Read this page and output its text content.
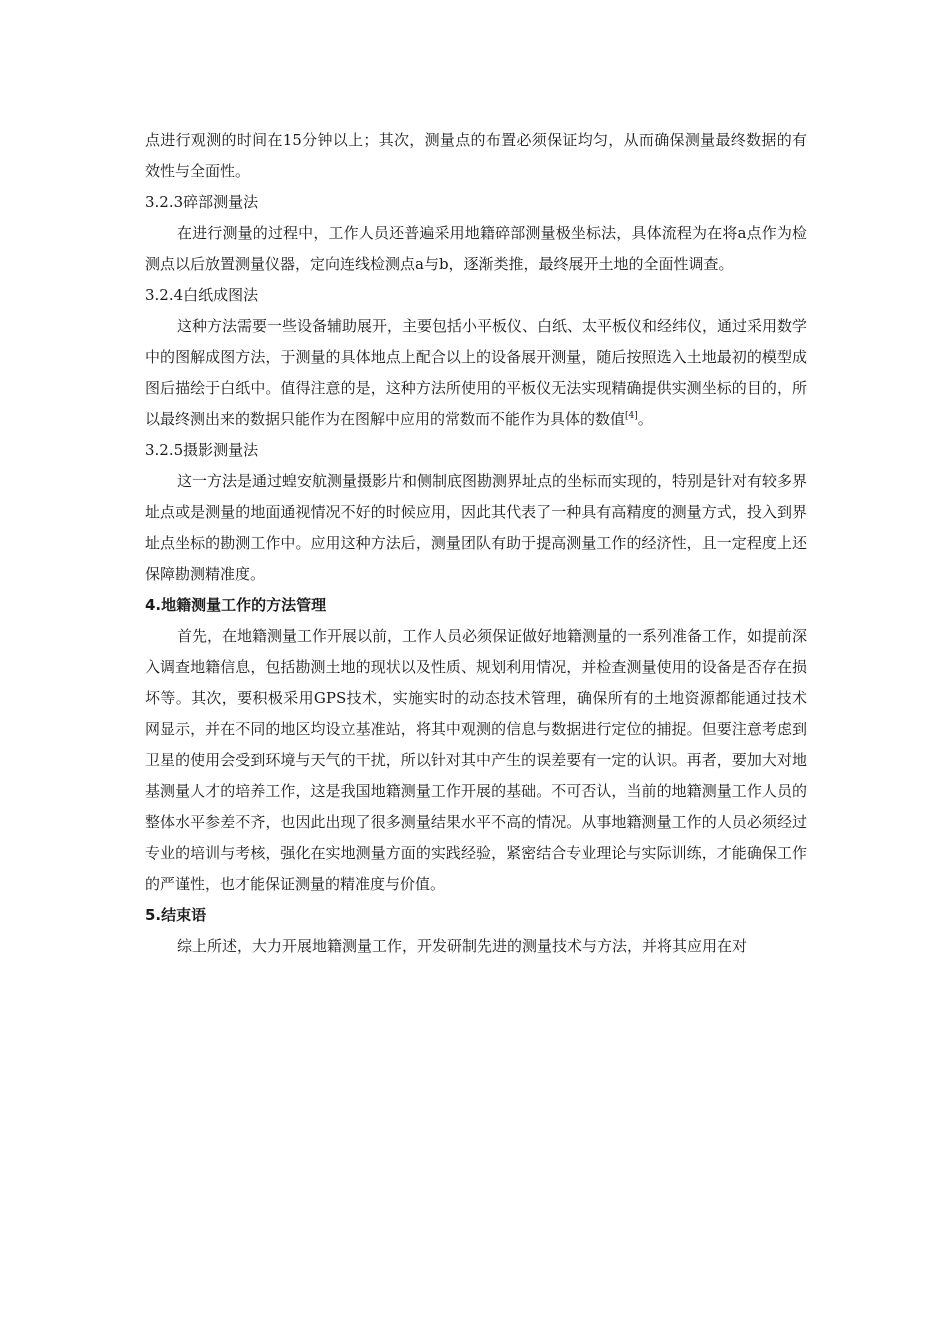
点进行观测的时间在15分钟以上；其次，测量点的布置必须保证均匀，从而确保测量最终数据的有效性与全面性。

3.2.3碎部测量法

在进行测量的过程中，工作人员还普遍采用地籍碎部测量极坐标法，具体流程为在将a点作为检测点以后放置测量仪器，定向连线检测点a与b，逐渐类推，最终展开土地的全面性调查。

3.2.4白纸成图法

这种方法需要一些设备辅助展开，主要包括小平板仪、白纸、太平板仪和经纬仪，通过采用数学中的图解成图方法，于测量的具体地点上配合以上的设备展开测量，随后按照选入土地最初的模型成图后描绘于白纸中。值得注意的是，这种方法所使用的平板仪无法实现精确提供实测坐标的目的，所以最终测出来的数据只能作为在图解中应用的常数而不能作为具体的数值[4]。

3.2.5摄影测量法

这一方法是通过蝗安航测量摄影片和侧制底图勘测界址点的坐标而实现的，特别是针对有较多界址点或是测量的地面通视情况不好的时候应用，因此其代表了一种具有高精度的测量方式，投入到界址点坐标的勘测工作中。应用这种方法后，测量团队有助于提高测量工作的经济性，且一定程度上还保障勘测精准度。

4.地籍测量工作的方法管理

首先，在地籍测量工作开展以前，工作人员必须保证做好地籍测量的一系列准备工作，如提前深入调查地籍信息，包括勘测土地的现状以及性质、规划利用情况，并检查测量使用的设备是否存在损坏等。其次，要积极采用GPS技术，实施实时的动态技术管理，确保所有的土地资源都能通过技术网显示，并在不同的地区均设立基准站，将其中观测的信息与数据进行定位的捕捉。但要注意考虑到卫星的使用会受到环境与天气的干扰，所以针对其中产生的误差要有一定的认识。再者，要加大对地基测量人才的培养工作，这是我国地籍测量工作开展的基础。不可否认，当前的地籍测量工作人员的整体水平参差不齐，也因此出现了很多测量结果水平不高的情况。从事地籍测量工作的人员必须经过专业的培训与考核，强化在实地测量方面的实践经验，紧密结合专业理论与实际训练，才能确保工作的严谨性，也才能保证测量的精准度与价值。

5.结束语

综上所述，大力开展地籍测量工作，开发研制先进的测量技术与方法，并将其应用在对
